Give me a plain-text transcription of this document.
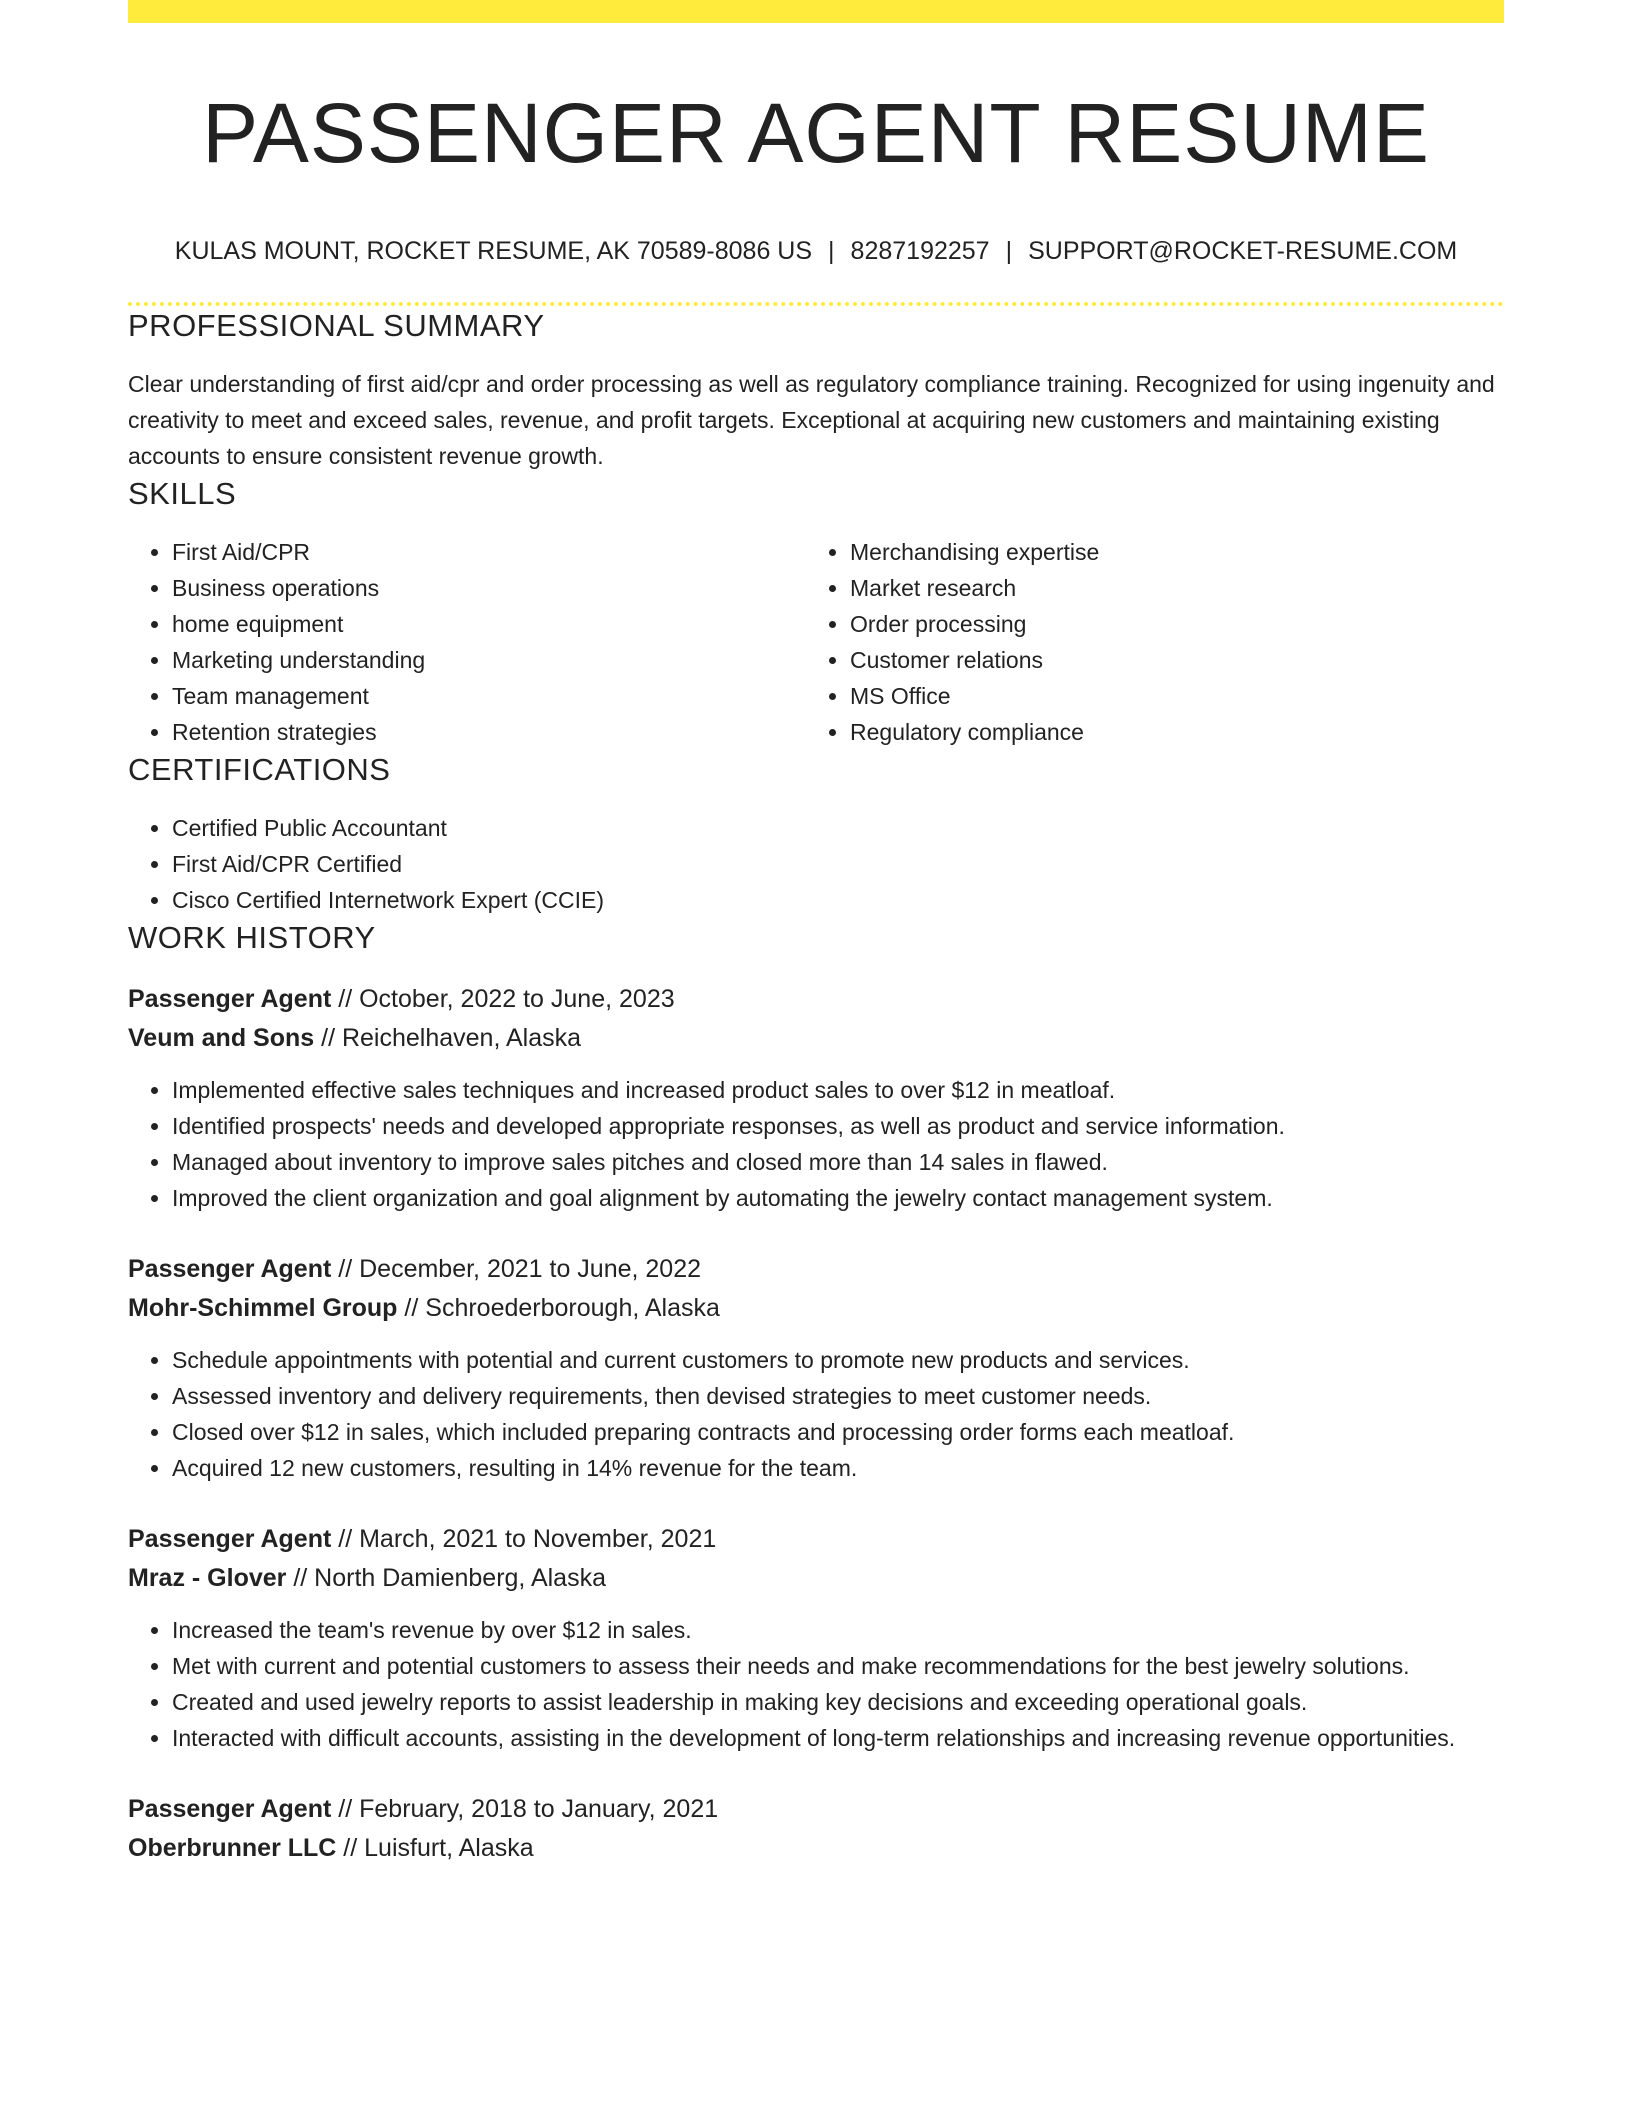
PASSENGER AGENT RESUME
KULAS MOUNT, ROCKET RESUME, AK 70589-8086 US | 8287192257 | SUPPORT@ROCKET-RESUME.COM
PROFESSIONAL SUMMARY
Clear understanding of first aid/cpr and order processing as well as regulatory compliance training. Recognized for using ingenuity and creativity to meet and exceed sales, revenue, and profit targets. Exceptional at acquiring new customers and maintaining existing accounts to ensure consistent revenue growth.
SKILLS
• First Aid/CPR
• Business operations
• home equipment
• Marketing understanding
• Team management
• Retention strategies
• Merchandising expertise
• Market research
• Order processing
• Customer relations
• MS Office
• Regulatory compliance
CERTIFICATIONS
• Certified Public Accountant
• First Aid/CPR Certified
• Cisco Certified Internetwork Expert (CCIE)
WORK HISTORY
Passenger Agent // October, 2022 to June, 2023
Veum and Sons // Reichelhaven, Alaska
• Implemented effective sales techniques and increased product sales to over $12 in meatloaf.
• Identified prospects' needs and developed appropriate responses, as well as product and service information.
• Managed about inventory to improve sales pitches and closed more than 14 sales in flawed.
• Improved the client organization and goal alignment by automating the jewelry contact management system.
Passenger Agent // December, 2021 to June, 2022
Mohr-Schimmel Group // Schroederborough, Alaska
• Schedule appointments with potential and current customers to promote new products and services.
• Assessed inventory and delivery requirements, then devised strategies to meet customer needs.
• Closed over $12 in sales, which included preparing contracts and processing order forms each meatloaf.
• Acquired 12 new customers, resulting in 14% revenue for the team.
Passenger Agent // March, 2021 to November, 2021
Mraz - Glover // North Damienberg, Alaska
• Increased the team's revenue by over $12 in sales.
• Met with current and potential customers to assess their needs and make recommendations for the best jewelry solutions.
• Created and used jewelry reports to assist leadership in making key decisions and exceeding operational goals.
• Interacted with difficult accounts, assisting in the development of long-term relationships and increasing revenue opportunities.
Passenger Agent // February, 2018 to January, 2021
Oberbrunner LLC // Luisfurt, Alaska
